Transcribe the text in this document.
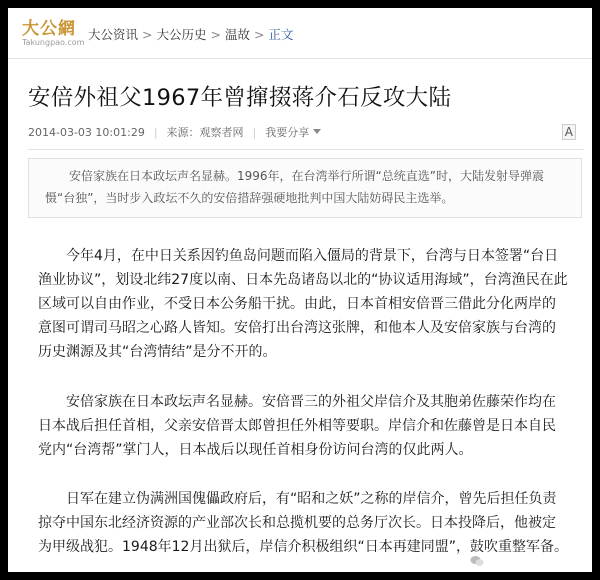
大公網
Takungpao.com
大公资讯 > 大公历史 > 温故 > 正文
安倍外祖父1967年曾撺掇蒋介石反攻大陆
2014-03-03 10:01:29 | 来源：观察者网 | 我要分享	A
安倍家族在日本政坛声名显赫。1996年，在台湾举行所谓“总统直选”时，大陆发射导弹震慑“台独”，当时步入政坛不久的安倍措辞强硬地批判中国大陆妨碍民主选举。

今年4月，在中日关系因钓鱼岛问题而陷入僵局的背景下，台湾与日本签署“台日渔业协议”，划设北纬27度以南、日本先岛诸岛以北的“协议适用海域”，台湾渔民在此区域可以自由作业，不受日本公务船干扰。由此，日本首相安倍晋三借此分化两岸的意图可谓司马昭之心路人皆知。安倍打出台湾这张牌，和他本人及安倍家族与台湾的历史渊源及其“台湾情结”是分不开的。

安倍家族在日本政坛声名显赫。安倍晋三的外祖父岸信介及其胞弟佐藤荣作均在日本战后担任首相，父亲安倍晋太郎曾担任外相等要职。岸信介和佐藤曾是日本自民党内“台湾帮”掌门人，日本战后以现任首相身份访问台湾的仅此两人。

日军在建立伪满洲国傀儡政府后，有“昭和之妖”之称的岸信介，曾先后担任负责掠夺中国东北经济资源的产业部次长和总揽机要的总务厅次长。日本投降后，他被定为甲级战犯。1948年12月出狱后，岸信介积极组织“日本再建同盟”，鼓吹重整军备。

昆仑策研究院
